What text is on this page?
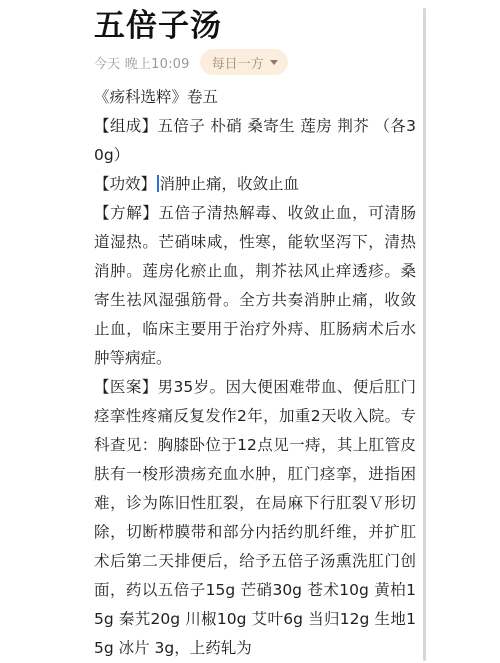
五倍子汤
今天 晚上10:09 每日一方

《疡科选粹》卷五

【组成】五倍子 朴硝 桑寄生 莲房 荆芥 （各30g）

【功效】 消肿止痛，收敛止血

【方解】五倍子清热解毒、收敛止血，可清肠道湿热。芒硝味咸，性寒，能软坚泻下，清热消肿。莲房化瘀止血，荆芥祛风止痒透疹。桑寄生祛风湿强筋骨。全方共奏消肿止痛，收敛止血，临床主要用于治疗外痔、肛肠病术后水肿等病症。

【医案】男35岁。因大便困难带血、便后肛门痉挛性疼痛反复发作2年，加重2天收入院。专科查见：胸膝卧位于12点见一痔，其上肛管皮肤有一梭形溃疡充血水肿，肛门痉挛，进指困难，诊为陈旧性肛裂，在局麻下行肛裂Ｖ形切除，切断栉膜带和部分内括约肌纤维，并扩肛术后第二天排便后，给予五倍子汤熏洗肛门创面，药以五倍子15g 芒硝30g 苍术10g 黄柏15g 秦艽20g 川椒10g 艾叶6g 当归12g 生地15g 冰片 3g，上药轧为
